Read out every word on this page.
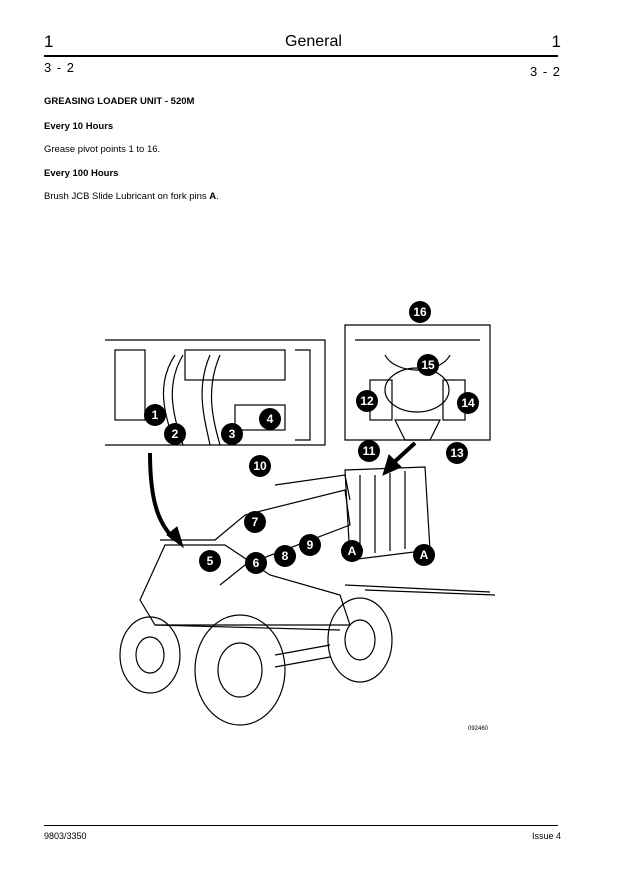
1	General	1
3 - 2	3 - 2
GREASING LOADER UNIT - 520M
Every 10 Hours
Grease pivot points 1 to 16.
Every 100 Hours
Brush JCB Slide Lubricant on fork pins A.
1
2	3
4
5	6
7
8
9
10
11
12
13
14
15
16
A	A
092460
9803/3350	Issue 4
